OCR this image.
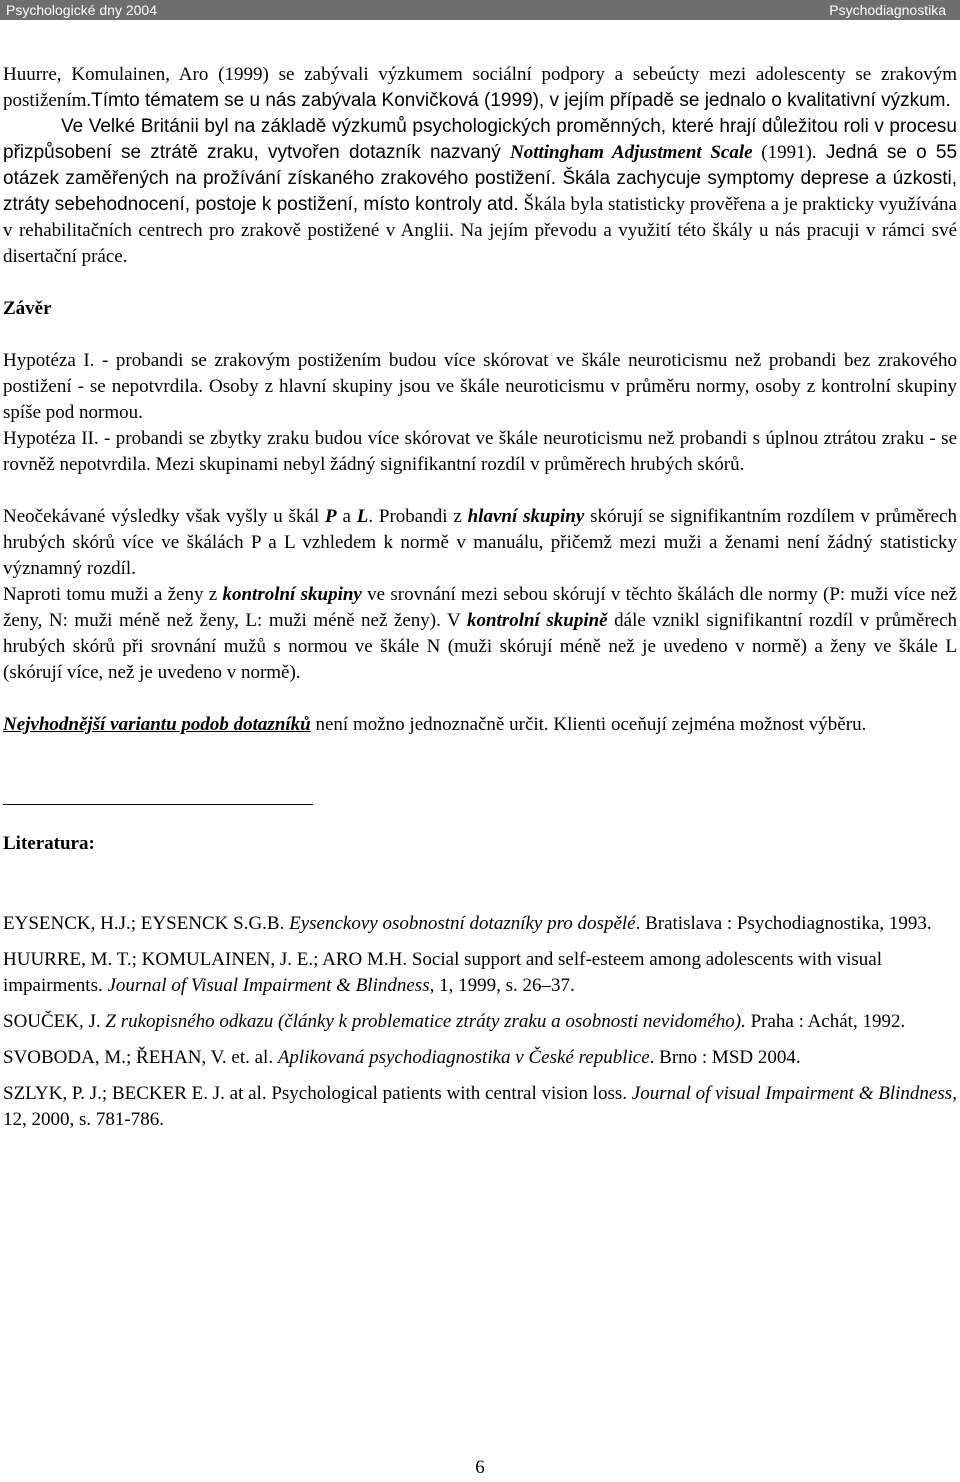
Psychologické dny 2004	Psychodiagnostika

Huurre, Komulainen, Aro (1999) se zabývali výzkumem sociální podpory a sebeúcty mezi adolescenty se zrakovým postižením.Tímto tématem se u nás zabývala Konvičková (1999), v jejím případě se jednalo o kvalitativní výzkum.

Ve Velké Británii byl na základě výzkumů psychologických proměnných, které hrají důležitou roli v procesu přizpůsobení se ztrátě zraku, vytvořen dotazník nazvaný Nottingham Adjustment Scale (1991). Jedná se o 55 otázek zaměřených na prožívání získaného zrakového postižení. Škála zachycuje symptomy deprese a úzkosti, ztráty sebehodnocení, postoje k postižení, místo kontroly atd. Škála byla statisticky prověřena a je prakticky využívána v rehabilitačních centrech pro zrakově postižené v Anglii. Na jejím převodu a využití této škály u nás pracuji v rámci své disertační práce.

Závěr

Hypotéza I. - probandi se zrakovým postižením budou více skórovat ve škále neuroticismu než probandi bez zrakového postižení - se nepotvrdila. Osoby z hlavní skupiny jsou ve škále neuroticismu v průměru normy, osoby z kontrolní skupiny spíše pod normou.

Hypotéza II. - probandi se zbytky zraku budou více skórovat ve škále neuroticismu než probandi s úplnou ztrátou zraku - se rovněž nepotvrdila. Mezi skupinami nebyl žádný signifikantní rozdíl v průměrech hrubých skórů.

Neočekávané výsledky však vyšly u škál P a L. Probandi z hlavní skupiny skórují se signifikantním rozdílem v průměrech hrubých skórů více ve škálách P a L vzhledem k normě v manuálu, přičemž mezi muži a ženami není žádný statisticky významný rozdíl.

Naproti tomu muži a ženy z kontrolní skupiny ve srovnání mezi sebou skórují v těchto škálách dle normy (P: muži více než ženy, N: muži méně než ženy, L: muži méně než ženy). V kontrolní skupině dále vznikl signifikantní rozdíl v průměrech hrubých skórů při srovnání mužů s normou ve škále N (muži skórují méně než je uvedeno v normě) a ženy ve škále L (skórují více, než je uvedeno v normě).

Nejvhodnější variantu podob dotazníků není možno jednoznačně určit. Klienti oceňují zejména možnost výběru.

Literatura:

EYSENCK, H.J.; EYSENCK S.G.B. Eysenckovy osobnostní dotazníky pro dospělé. Bratislava : Psychodiagnostika, 1993.

HUURRE, M. T.; KOMULAINEN, J. E.; ARO M.H. Social support and self-esteem among adolescents with visual impairments. Journal of Visual Impairment & Blindness, 1, 1999, s. 26–37.

SOUČEK, J. Z rukopisného odkazu (články k problematice ztráty zraku a osobnosti nevidomého). Praha : Achát, 1992.

SVOBODA, M.; ŘEHAN, V. et. al. Aplikovaná psychodiagnostika v České republice. Brno : MSD 2004.

SZLYK, P. J.; BECKER E. J. at al. Psychological patients with central vision loss. Journal of visual Impairment & Blindness, 12, 2000, s. 781-786.

6
